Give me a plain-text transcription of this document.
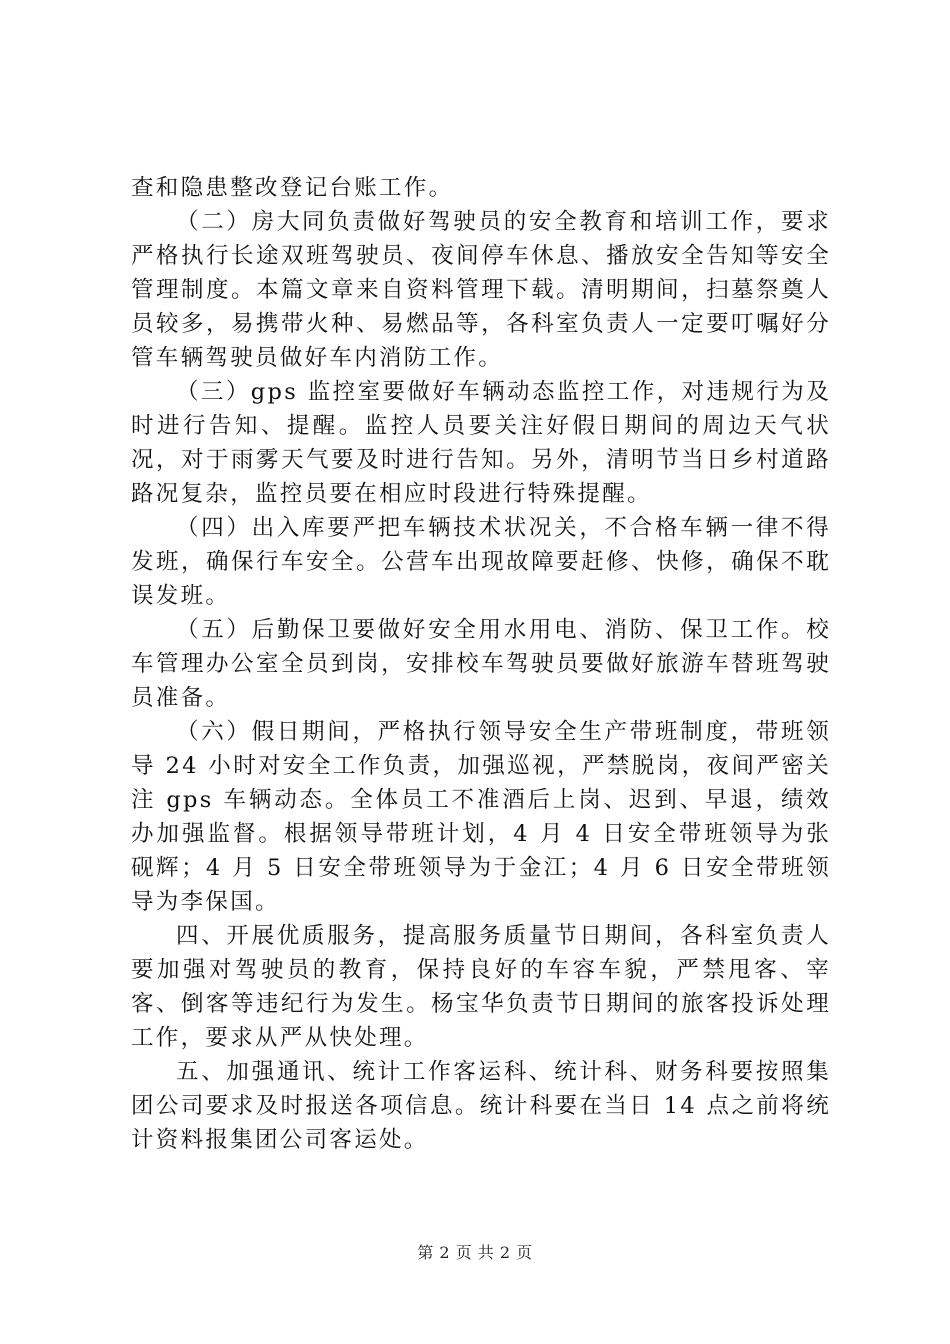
查和隐患整改登记台账工作。

（二）房大同负责做好驾驶员的安全教育和培训工作，要求严格执行长途双班驾驶员、夜间停车休息、播放安全告知等安全管理制度。本篇文章来自资料管理下载。清明期间，扫墓祭奠人员较多，易携带火种、易燃品等，各科室负责人一定要叮嘱好分管车辆驾驶员做好车内消防工作。

（三）gps 监控室要做好车辆动态监控工作，对违规行为及时进行告知、提醒。监控人员要关注好假日期间的周边天气状况，对于雨雾天气要及时进行告知。另外，清明节当日乡村道路路况复杂，监控员要在相应时段进行特殊提醒。

（四）出入库要严把车辆技术状况关，不合格车辆一律不得发班，确保行车安全。公营车出现故障要赶修、快修，确保不耽误发班。

（五）后勤保卫要做好安全用水用电、消防、保卫工作。校车管理办公室全员到岗，安排校车驾驶员要做好旅游车替班驾驶员准备。

（六）假日期间，严格执行领导安全生产带班制度，带班领导 24 小时对安全工作负责，加强巡视，严禁脱岗，夜间严密关注 gps 车辆动态。全体员工不准酒后上岗、迟到、早退，绩效办加强监督。根据领导带班计划，4 月 4 日安全带班领导为张砚辉；4 月 5 日安全带班领导为于金江；4 月 6 日安全带班领导为李保国。

四、开展优质服务，提高服务质量节日期间，各科室负责人要加强对驾驶员的教育，保持良好的车容车貌，严禁甩客、宰客、倒客等违纪行为发生。杨宝华负责节日期间的旅客投诉处理工作，要求从严从快处理。

五、加强通讯、统计工作客运科、统计科、财务科要按照集团公司要求及时报送各项信息。统计科要在当日 14 点之前将统计资料报集团公司客运处。

第 2 页 共 2 页
